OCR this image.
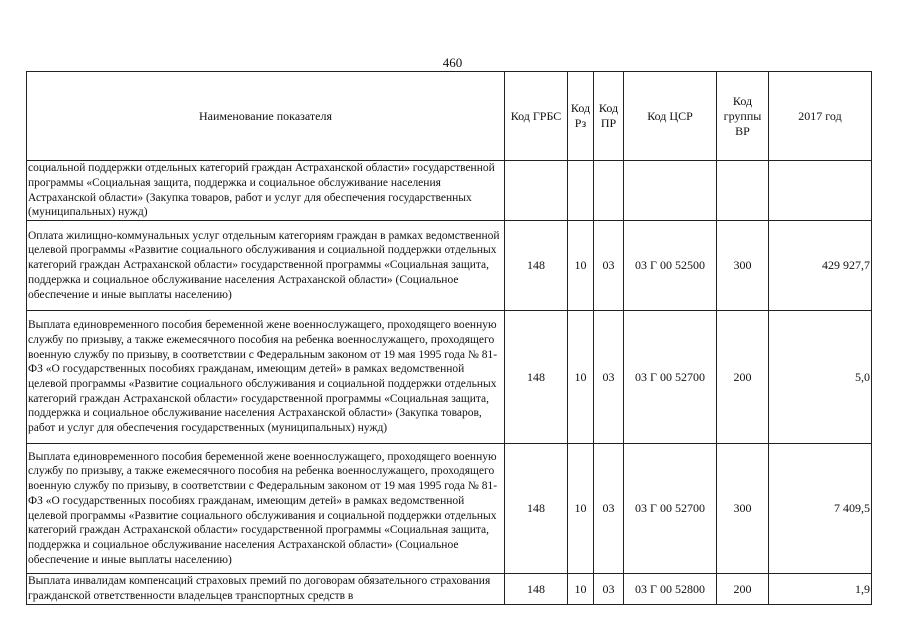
460
Наименование показателя	Код ГРБС	Код Рз	Код ПР	Код ЦСР	Код группы ВР	2017 год
социальной поддержки отдельных категорий граждан Астраханской области» государственной программы «Социальная защита, поддержка и социальное обслуживание населения Астраханской области» (Закупка товаров, работ и услуг для обеспечения государственных (муниципальных) нужд)						
Оплата жилищно-коммунальных услуг отдельным категориям граждан в рамках ведомственной целевой программы «Развитие социального обслуживания и социальной поддержки отдельных категорий граждан Астраханской области» государственной программы «Социальная защита, поддержка и социальное обслуживание населения Астраханской области» (Социальное обеспечение и иные выплаты населению)	148	10	03	03 Г 00 52500	300	429 927,7
Выплата единовременного пособия беременной жене военнослужащего, проходящего военную службу по призыву, а также ежемесячного пособия на ребенка военнослужащего, проходящего военную службу по призыву, в соответствии с Федеральным законом от 19 мая 1995 года № 81-ФЗ «О государственных пособиях гражданам, имеющим детей» в рамках ведомственной целевой программы «Развитие социального обслуживания и социальной поддержки отдельных категорий граждан Астраханской области» государственной программы «Социальная защита, поддержка и социальное обслуживание населения Астраханской области» (Закупка товаров, работ и услуг для обеспечения государственных (муниципальных) нужд)	148	10	03	03 Г 00 52700	200	5,0
Выплата единовременного пособия беременной жене военнослужащего, проходящего военную службу по призыву, а также ежемесячного пособия на ребенка военнослужащего, проходящего военную службу по призыву, в соответствии с Федеральным законом от 19 мая 1995 года № 81-ФЗ «О государственных пособиях гражданам, имеющим детей» в рамках ведомственной целевой программы «Развитие социального обслуживания и социальной поддержки отдельных категорий граждан Астраханской области» государственной программы «Социальная защита, поддержка и социальное обслуживание населения Астраханской области» (Социальное обеспечение и иные выплаты населению)	148	10	03	03 Г 00 52700	300	7 409,5
Выплата инвалидам компенсаций страховых премий по договорам обязательного страхования гражданской ответственности владельцев транспортных средств в	148	10	03	03 Г 00 52800	200	1,9
